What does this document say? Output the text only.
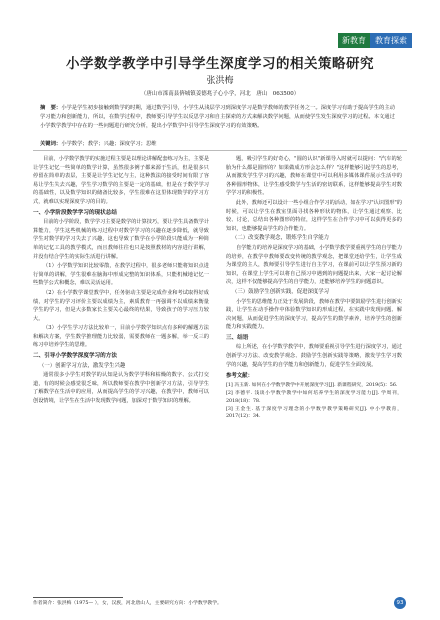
新教育	教育探索
小学数学教学中引导学生深度学习的相关策略研究
张洪梅
（唐山市滦南县倴城镇姜德兆子心小学，河北　唐山　063500）
摘　要：小学是学生初步接触到数学的时期，通过数学引导，小学生从浅层学习到深度学习是数学教师的教学任务之一。深度学习有助于提高学生的主动学习能力和创新能力，所以，在数学过程中，教师要引导学生以反思学习和自主探索的方式来解决数学问题，从而使学生发生深度学习的过程。本文通过小学数学教学中存在的一些问题进行研究分析，提出小学数学中引导学生深度学习的有效策略。
关键词：小学数学；教学；兴趣；深度学习；思维

目前，小学数学教学的实施过程主要是以理论讲解配套练习为主，主要是让学生记忆一些简单的数学计算，虽然很多例子都来源于生活，但是很多只停留在简单的表层，主要是让学生记忆与主，这种教法的接受时间有限了容易让学生失去兴趣，学生学习数学的主要是一定的基础，但是在于数学学习的基础性，以及数学知识的储备比较多，学生很难在这里体现数学的学习方式，就难以实现深度学习的目的。

一、小学阶段数学学习的现状总结

目前的小学阶段，数学学习主要是数学的计算技巧，要让学生具备数学计算能力，学生这些机械的练习过程中对数学学习的兴趣在逐步降低，就导致学生对数学的学习失去了兴趣，这也导致了数学在小学阶段只能成为一种简单的记忆工具的教学模式，而且教师往往也只是按照教材的内容进行讲解，并没有结合学生的实际生活进行讲解。

（1）小学数学知识比较零散，在教学过程中，很多老师只能将知识点进行简单的讲解，学生很难在脑海中形成完整的知识体系，只能机械地记忆一些数学公式和概念，难以灵活运用。

（2）在小学数学课堂教学中，任务驱动主要是完成作业和考试取得好成绩，对学生的学习评价主要以成绩为主，素质教育一再强调不以成绩来衡量学生的学习，但是大多数家长主要关心最终的结果，导致孩子的学习压力较大。

（3）小学生学习方法比较单一，目前小学数学知识点有多种的解题方法和解决方案，学生数学推理能力比较弱，需要教师在一题多解，举一反三的练习中培养学生的思维。

二、引导小学数学深度学习的方法
（一）创新学习方法，激发学生兴趣

通常很多小学生对数学的认知是认为数学学科和枯燥的数字、公式打交道，有的时候会感觉很乏味，所以教师要在教学中创新学习方法，引导学生了解数学在生活中的应用，从而提高学生的学习兴趣，在教学中，教师可以创设情境，让学生在生活中发现数学问题，加深对于数学知识的理解。

题，吸引学生的好奇心，"圆的认识"新课导入时就可以提问："汽车的轮胎为什么都是圆形的？如果做成方形会怎么样？"这样能够引起学生的思考，从而激发学生学习的兴趣，教师在课堂中可以利用多媒体课件展示生活中的各种圆形物体，让学生感受数学与生活的密切联系，这样能够提高学生对数学学习的积极性。

此外，教师还可以设计一些小组合作学习的活动，如在学习"认识图形"的时候，可以让学生在教室里面寻找各种形状的物体，让学生通过观察、比较、讨论，总结出各种图形的特征，这样学生在合作学习中可以获得更多的知识，也能够提高学生的合作能力。

（二）改变教学观念，锻炼学生自学能力

自学能力的培养是深度学习的基础，小学数学教学要重视学生的自学能力的培养，在教学中教师要改变传统的教学观念，把课堂还给学生，让学生成为课堂的主人，教师要引导学生进行自主学习，在课前可以让学生预习新的知识，在课堂上学生可以将自己预习中遇到的问题提出来，大家一起讨论解决，这样不仅能够提高学生的自学能力，还能够培养学生的问题意识。

（三）鼓励学生创新实践，促进深度学习

小学生的思维能力正处于发展阶段，教师在教学中要鼓励学生进行创新实践，让学生在动手操作中体验数学知识的形成过程，在实践中发现问题、解决问题，从而促进学生的深度学习，提高学生的数学素养，培养学生的创新能力和实践能力。

三、结语

综上所述，在小学数学教学中，教师要重视引导学生进行深度学习，通过创新学习方法、改变教学观念、鼓励学生创新实践等策略，激发学生学习数学的兴趣，提高学生的自学能力和创新能力，促进学生全面发展。

参考文献：

[1] 冯玉新. 如何在小学数学教学中开展深度学习[J]. 新课程研究，2019(5)：56.

[2] 李德平. 浅谈小学数学教学中如何培养学生的深度学习能力[J]. 学周刊，2018(18)：78.

[3] 王金生. 基于深度学习理念的小学数学教学策略研究[J]. 中小学教育，2017(12)：34.

作者简介：张洪梅（1975— ），女，汉族，河北唐山人，主要研究方向：小学数学教学。	93
